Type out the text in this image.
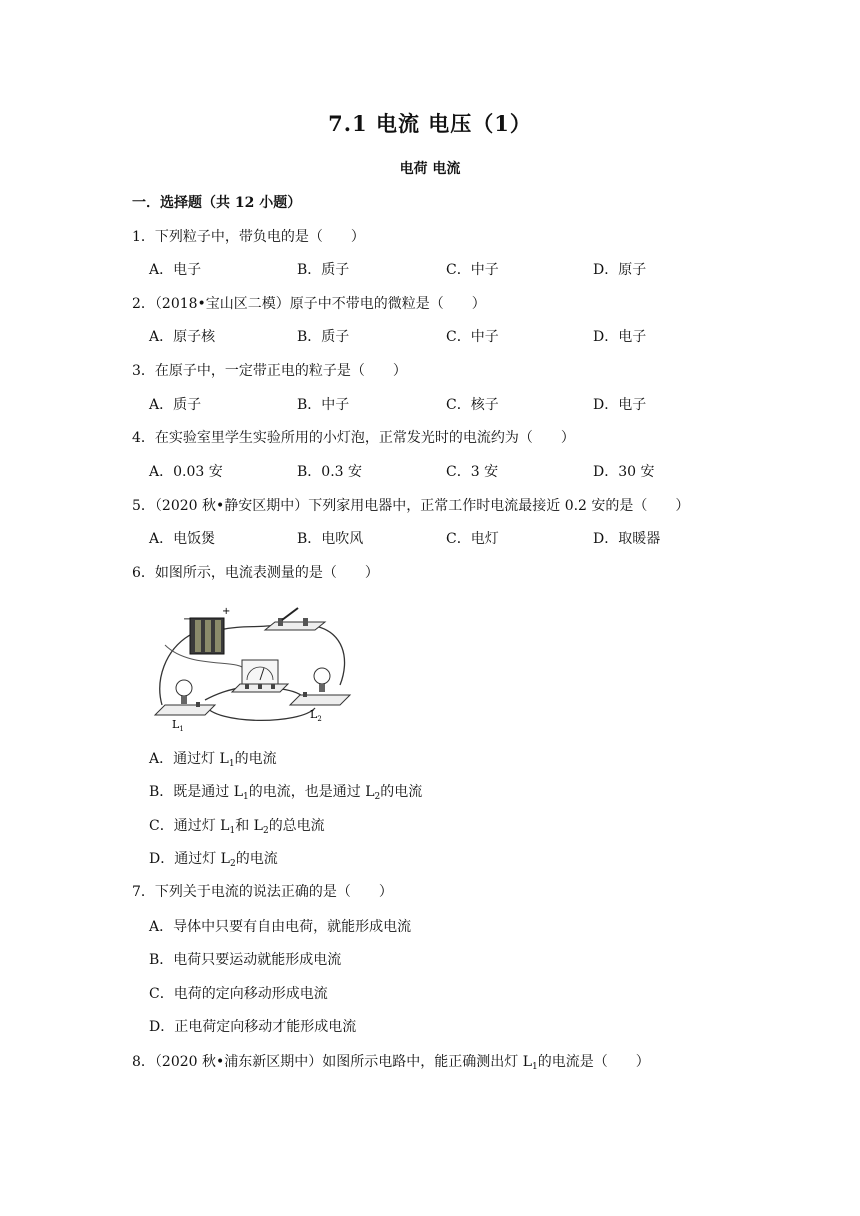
7.1 电流 电压（1）
电荷 电流
一．选择题（共 12 小题）
1．下列粒子中，带负电的是（　　）
A．电子	B．质子	C．中子	D．原子
2．（2018•宝山区二模）原子中不带电的微粒是（　　）
A．原子核	B．质子	C．中子	D．电子
3．在原子中，一定带正电的粒子是（　　）
A．质子	B．中子	C．核子	D．电子
4．在实验室里学生实验所用的小灯泡，正常发光时的电流约为（　　）
A．0.03 安	B．0.3 安	C．3 安	D．30 安
5．（2020 秋•静安区期中）下列家用电器中，正常工作时电流最接近 0.2 安的是（　　）
A．电饭煲	B．电吹风	C．电灯	D．取暖器
6．如图所示，电流表测量的是（　　）
−
+
$L_1$
$L_2$
A．通过灯 $L_1$的电流
B．既是通过 $L_1$的电流，也是通过 $L_2$的电流
C．通过灯 $L_1$和 $L_2$的总电流
D．通过灯 $L_2$的电流
7．下列关于电流的说法正确的是（　　）
A．导体中只要有自由电荷，就能形成电流
B．电荷只要运动就能形成电流
C．电荷的定向移动形成电流
D．正电荷定向移动才能形成电流
8．（2020 秋•浦东新区期中）如图所示电路中，能正确测出灯 $L_1$的电流是（　　）
